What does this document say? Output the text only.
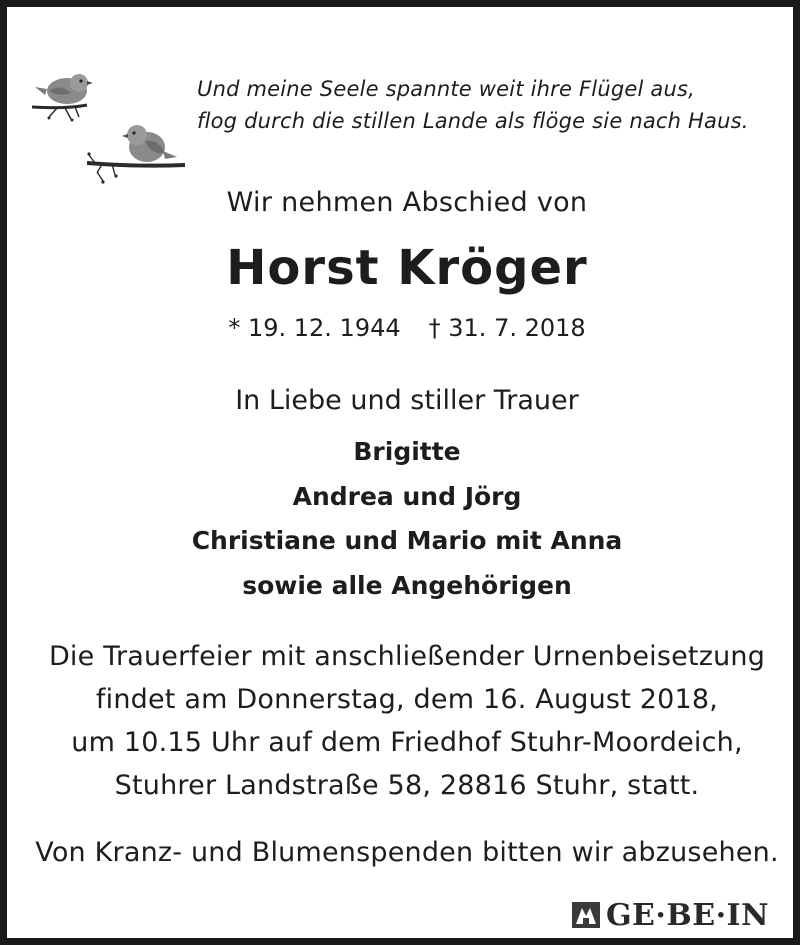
Und meine Seele spannte weit ihre Flügel aus,
flog durch die stillen Lande als flöge sie nach Haus.
Wir nehmen Abschied von
Horst Kröger
* 19. 12. 1944 † 31. 7. 2018
In Liebe und stiller Trauer
Brigitte
Andrea und Jörg
Christiane und Mario mit Anna
sowie alle Angehörigen
Die Trauerfeier mit anschließender Urnenbeisetzung
findet am Donnerstag, dem 16. August 2018,
um 10.15 Uhr auf dem Friedhof Stuhr-Moordeich,
Stuhrer Landstraße 58, 28816 Stuhr, statt.
Von Kranz- und Blumenspenden bitten wir abzusehen.
GE·BE·IN
